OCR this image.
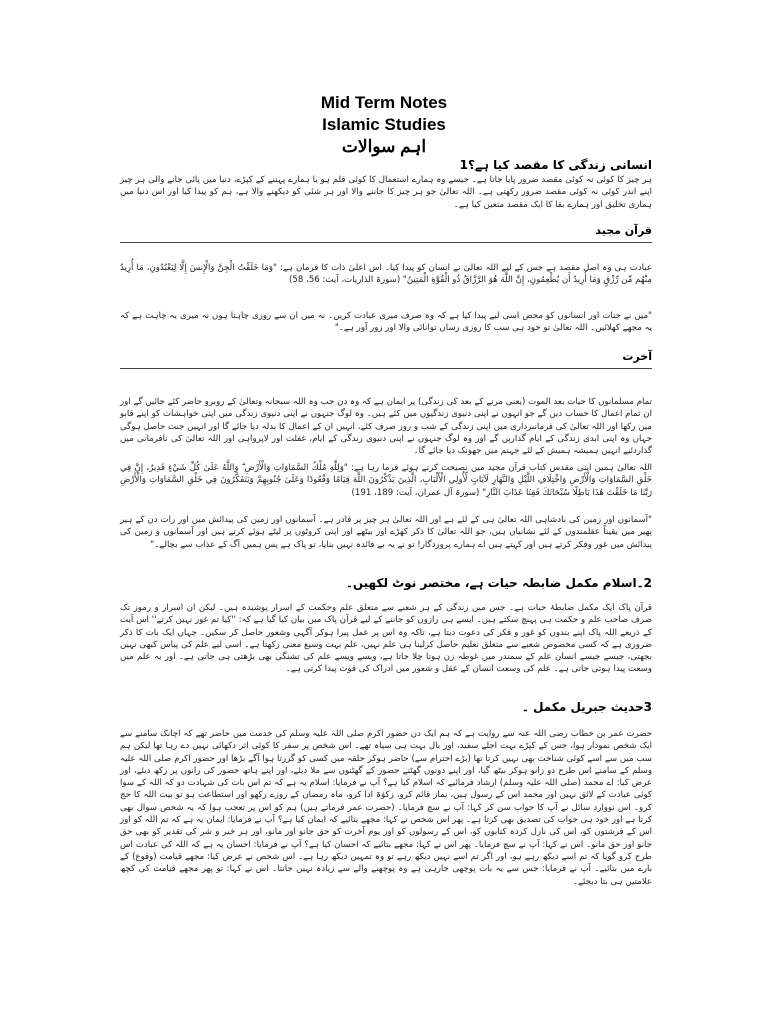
Mid Term Notes

Islamic Studies

اہم سوالات

انسانی زندگی کا مقصد کیا ہے؟1

ہر چیز کا کوئی نہ کوئی مقصد ضرور پایا جاتا ہے۔ جیسے وہ ہمارے استعمال کا کوئی قلم ہو یا ہمارے پہننے کے کپڑے، دنیا میں پائی جانے والی ہر چیز اپنے اندر کوئی نہ کوئی مقصد ضرور رکھتی ہے۔ اللہ تعالیٰ جو ہر چیز کا جاننے والا اور ہر شئی کو دیکھنے والا ہے، ہم کو پیدا کیا اور اس دنیا میں ہماری تخلیق اور ہمارے بقا کا ایک مقصد متعین کیا ہے۔

قرآن مجید

عبادت ہی وہ اصل مقصد ہے جس کے لیے اللہ تعالیٰ نے انسان کو پیدا کیا۔ اس اعلیٰ ذات کا فرمان ہے: "وَمَا خَلَقْتُ الْجِنَّ وَالْإِنسَ إِلَّا لِيَعْبُدُونِ، مَا أُرِيدُ مِنْهُم مِّن رِّزْقٍ وَمَا أُرِيدُ أَن يُطْعِمُونِ، إِنَّ اللَّهَ هُوَ الرَّزَّاقُ ذُو الْقُوَّةِ الْمَتِينُ" (سورۃ الذاریات، آیت: 56، 58)

"میں نے جنات اور انسانوں کو محض اسی لیے پیدا کیا ہے کہ وہ صرف میری عبادت کریں۔ نہ میں ان سے روزی چاہتا ہوں نہ میری یہ چاہت ہے کہ یہ مجھے کھلائیں۔ اللہ تعالیٰ تو خود ہی سب کا روزی رساں توانائی والا اور زور آور ہے۔"

آخرت

تمام مسلمانوں کا حیات بعد الموت (یعنی مرنے کے بعد کی زندگی) پر ایمان ہے کہ وہ دن جب وہ اللہ سبحانہ وتعالیٰ کے روبرو حاضر کئے جائیں گے اور ان تمام اعمال کا حساب دیں گے جو انہوں نے اپنی دنیوی زندگیوں میں کئے ہیں۔ وہ لوگ جنہوں نے اپنی دنیوی زندگی میں اپنی خواہشات کو اپنے قابو میں رکھا اور اللہ تعالیٰ کی فرمانبرداری میں اپنی زندگی کے شب و روز صرف کئے، انہیں ان کے اعمال کا بدلہ دیا جائے گا اور انہیں جنت حاصل ہوگی جہاں وہ اپنی ابدی زندگی کے ایام گذاریں گے اور وہ لوگ جنہوں نے اپنی دنیوی زندگی کے ایام، غفلت اور لاپرواہی اور اللہ تعالیٰ کی نافرمانی میں گذاردئیے انہیں ہمیشہ ہمیش کے لئے جہنم میں جھونک دیا جائے گا۔

اللہ تعالیٰ ہمیں اپنی مقدس کتاب قرآن مجید میں نصیحت کرتے ہوئے فرما رہا ہے: "وَلِلَّهِ مُلْكُ السَّمَاوَاتِ وَالْأَرْضِ ۗ وَاللَّهُ عَلَىٰ كُلِّ شَيْءٍ قَدِيرٌ، إِنَّ فِي خَلْقِ السَّمَاوَاتِ وَالْأَرْضِ وَاخْتِلَافِ اللَّيْلِ وَالنَّهَارِ لَآيَاتٍ لِّأُولِي الْأَلْبَابِ، الَّذِينَ يَذْكُرُونَ اللَّهَ قِيَامًا وَقُعُودًا وَعَلَىٰ جُنُوبِهِمْ وَيَتَفَكَّرُونَ فِي خَلْقِ السَّمَاوَاتِ وَالْأَرْضِ رَبَّنَا مَا خَلَقْتَ هَٰذَا بَاطِلًا سُبْحَانَكَ فَقِنَا عَذَابَ النَّارِ" (سورۃ آل عمران، آیت: 189، 191)

"آسمانوں اور زمین کی بادشاہی اللہ تعالیٰ ہی کے لئے ہے اور اللہ تعالیٰ ہر چیز پر قادر ہے۔ آسمانوں اور زمین کی پیدائش میں اور رات دن کے ہیر پھیر میں یقیناً عقلمندوں کے لئے نشانیاں ہیں، جو اللہ تعالیٰ کا ذکر کھڑے اور بیٹھے اور اپنی کروٹوں پر لیٹے ہوئے کرتے ہیں اور آسمانوں و زمین کی پیدائش میں غور وفکر کرتے ہیں اور کہتے ہیں اے ہمارے پروردگار! تو نے یہ بے فائدہ نہیں بنایا، تو پاک ہے پس ہمیں آگ کے عذاب سے بچالے۔"

2۔اسلام مکمل ضابطہ حیات ہے، مختصر نوٹ لکھیں۔

قرآن پاک ایک مکمل ضابطۂ حیات ہے۔ جس میں زندگی کے ہر شعبے سے متعلق علم وحکمت کے اسرار پوشیدہ ہیں۔ لیکن ان اسرار و رموز تک صرف صاحب علم و حکمت ہی پہنچ سکتے ہیں۔ ایسے ہی رازوں کو جاننے کے لیے قرآن پاک میں بیان کیا گیا ہے کہ: ''کیا تم غور نہیں کرتے'' اس آیت کے ذریعے اللہ پاک اپنے بندوں کو غور و فکر کی دعوت دیتا ہے، تاکہ وہ اس پر عمل پیرا ہوکر آگہی وشعور حاصل کر سکیں۔ جہاں ایک بات کا ذکر ضروری ہے کہ کسی مخصوص شعبے سے متعلق تعلیم حاصل کرلینا ہی علم نہیں، علم بہت وسیع معنی رکھتا ہے۔ اسی لیے علم کی پیاس کبھی نہیں بجھتی، جیسے جیسے انسان علم کے سمندر میں غوطہ زن ہوتا چلا جاتا ہے، ویسے ویسے علم کی تشنگی بھی بڑھتی ہی جاتی ہے۔ اور یہ علم میں وسعت پیدا ہوتی جاتی ہے۔ علم کی وسعت انسان کے عقل و شعور میں ادراک کی قوت پیدا کرتی ہے۔

3حدیث جبریل مکمل ۔

حضرت عمر بن خطاب رضی اللہ عنہ سے روایت ہے کہ ہم ایک دن حضور اکرم صلی اللہ علیہ وسلم کی خدمت میں حاضر تھے کہ اچانک سامنے سے ایک شخص نمودار ہوا، جس کے کپڑے بہت اجلے سفید، اور بال بہت ہی سیاہ تھے۔ اس شخص پر سفر کا کوئی اثر دکھائی نہیں دے رہا تھا لیکن ہم سب میں سے اسے کوئی شناخت بھی نہیں کرتا تھا (بڑے احترام سے) حاضر ہوکر حلقہ میں کسی کو گزرتا ہوا آگے بڑھا اور حضور اکرم صلی اللہ علیہ وسلم کے سامنے اس طرح دو زانو ہوکر بیٹھ گیا، اور اپنے دونوں گھٹنے حضور کے گھٹنوں سے ملا دیئے، اور اپنے ہاتھ حضور کی رانوں پر رکھ دیئے، اور عرض کیا: اے محمد (صلی اللہ علیہ وسلم) ارشاد فرمائیے کہ اسلام کیا ہے؟ آپ نے فرمایا: اسلام یہ ہے کہ تم اس بات کی شہادت دو کہ اللہ کے سوا کوئی عبادت کے لائق نہیں اور محمد اس کے رسول ہیں، نماز قائم کرو، زکوٰۃ ادا کرو، ماہ رمضان کے روزے رکھو اور استطاعت ہو تو بیت اللہ کا حج کرو۔ اس نووارد سائل نے آپ کا جواب سن کر کہا: آپ نے سچ فرمایا۔ (حضرت عمر فرماتے ہیں) ہم کو اس پر تعجب ہوا کہ یہ شخص سوال بھی کرتا ہے اور خود ہی جواب کی تصدیق بھی کرتا ہے۔ پھر اس شخص نے کہا: مجھے بتائیے کہ ایمان کیا ہے؟ آپ نے فرمایا: ایمان یہ ہے کہ تم اللہ کو اور اس کے فرشتوں کو، اس کی نازل کردہ کتابوں کو، اس کے رسولوں کو اور یوم آخرت کو حق جانو اور مانو، اور ہر خیر و شر کی تقدیر کو بھی حق جانو اور حق مانو۔ اس نے کہا: آپ نے سچ فرمایا۔ پھر اس نے کہا: مجھے بتائیے کہ احسان کیا ہے؟ آپ نے فرمایا: احسان یہ ہے کہ اللہ کی عبادت اس طرح کرو گویا کہ تم اسے دیکھ رہے ہو، اور اگر تم اسے نہیں دیکھ رہے تو وہ تمہیں دیکھ رہا ہے۔ اس شخص نے عرض کیا: مجھے قیامت (وقوع) کے بارے میں بتائیے۔ آپ نے فرمایا: جس سے یہ بات پوچھی جارہی ہے وہ پوچھنے والے سے زیادہ نہیں جانتا۔ اس نے کہا: تو پھر مجھے قیامت کی کچھ علامتیں ہی بتا دیجئے۔
